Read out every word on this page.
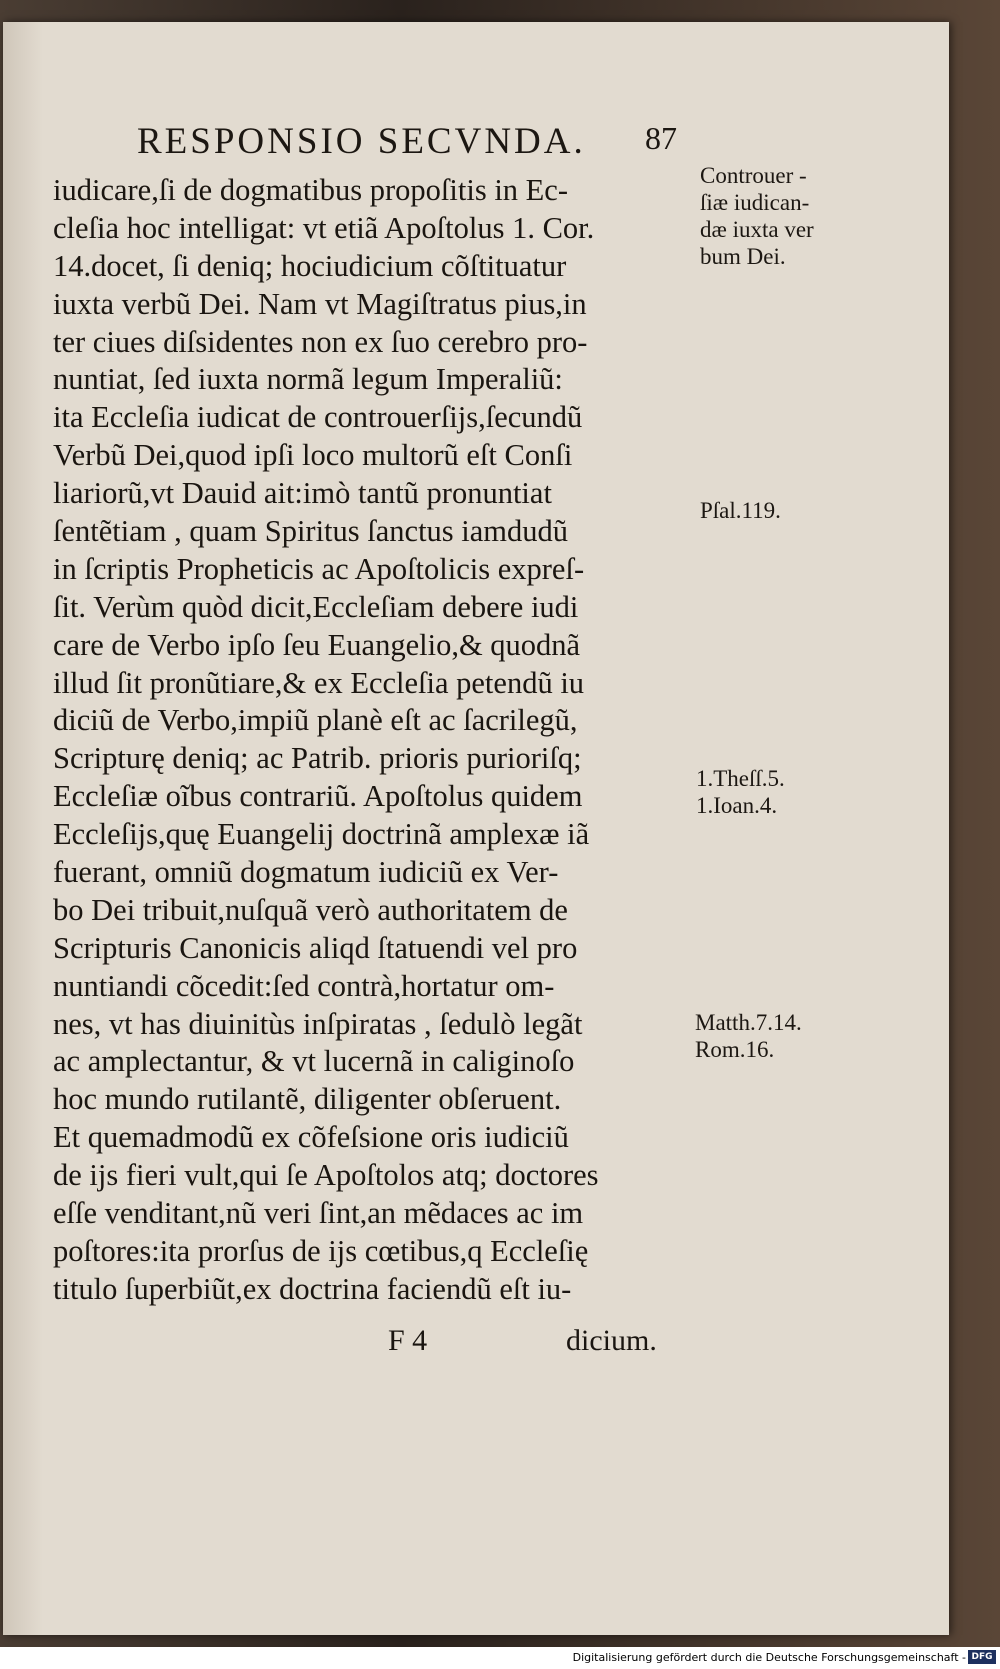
RESPONSIO SECVNDA. 87
iudicare,ſi de dogmatibus propoſitis in Ec-
cleſia hoc intelligat: vt etiã Apoſtolus 1. Cor.
14.docet, ſi deniq; hociudicium cõſtituatur
iuxta verbũ Dei. Nam vt Magiſtratus pius,in
ter ciues diſsidentes non ex ſuo cerebro pro-
nuntiat, ſed iuxta normã legum Imperaliũ:
ita Eccleſia iudicat de controuerſijs,ſecundũ
Verbũ Dei,quod ipſi loco multorũ eſt Conſi
liariorũ,vt Dauid ait:imò tantũ pronuntiat
ſentẽtiam , quam Spiritus ſanctus iamdudũ
in ſcriptis Propheticis ac Apoſtolicis expreſ-
ſit. Verùm quòd dicit,Eccleſiam debere iudi
care de Verbo ipſo ſeu Euangelio,& quodnã
illud ſit pronũtiare,& ex Eccleſia petendũ iu
diciũ de Verbo,impiũ planè eſt ac ſacrilegũ,
Scripturę deniq; ac Patrib. prioris purioriſq;
Eccleſiæ oĩbus contrariũ. Apoſtolus quidem
Eccleſijs,quę Euangelij doctrinã amplexæ iã
fuerant, omniũ dogmatum iudiciũ ex Ver-
bo Dei tribuit,nuſquã verò authoritatem de
Scripturis Canonicis aliqd ſtatuendi vel pro
nuntiandi cõcedit:ſed contrà,hortatur om-
nes, vt has diuinitùs inſpiratas , ſedulò legãt
ac amplectantur, & vt lucernã in caliginoſo
hoc mundo rutilantẽ, diligenter obſeruent.
Et quemadmodũ ex cõfeſsione oris iudiciũ
de ijs fieri vult,qui ſe Apoſtolos atq; doctores
eſſe venditant,nũ veri ſint,an mẽdaces ac im
poſtores:ita prorſus de ijs cœtibus,q Eccleſię
titulo ſuperbiũt,ex doctrina faciendũ eſt iu-
Controuer -
ſiæ iudican-
dæ iuxta ver
bum Dei.
Pſal.119.
1.Theſſ.5.
1.Ioan.4.
Matth.7.14.
Rom.16.
F 4	dicium.
Digitalisierung gefördert durch die Deutsche Forschungsgemeinschaft - DFG
